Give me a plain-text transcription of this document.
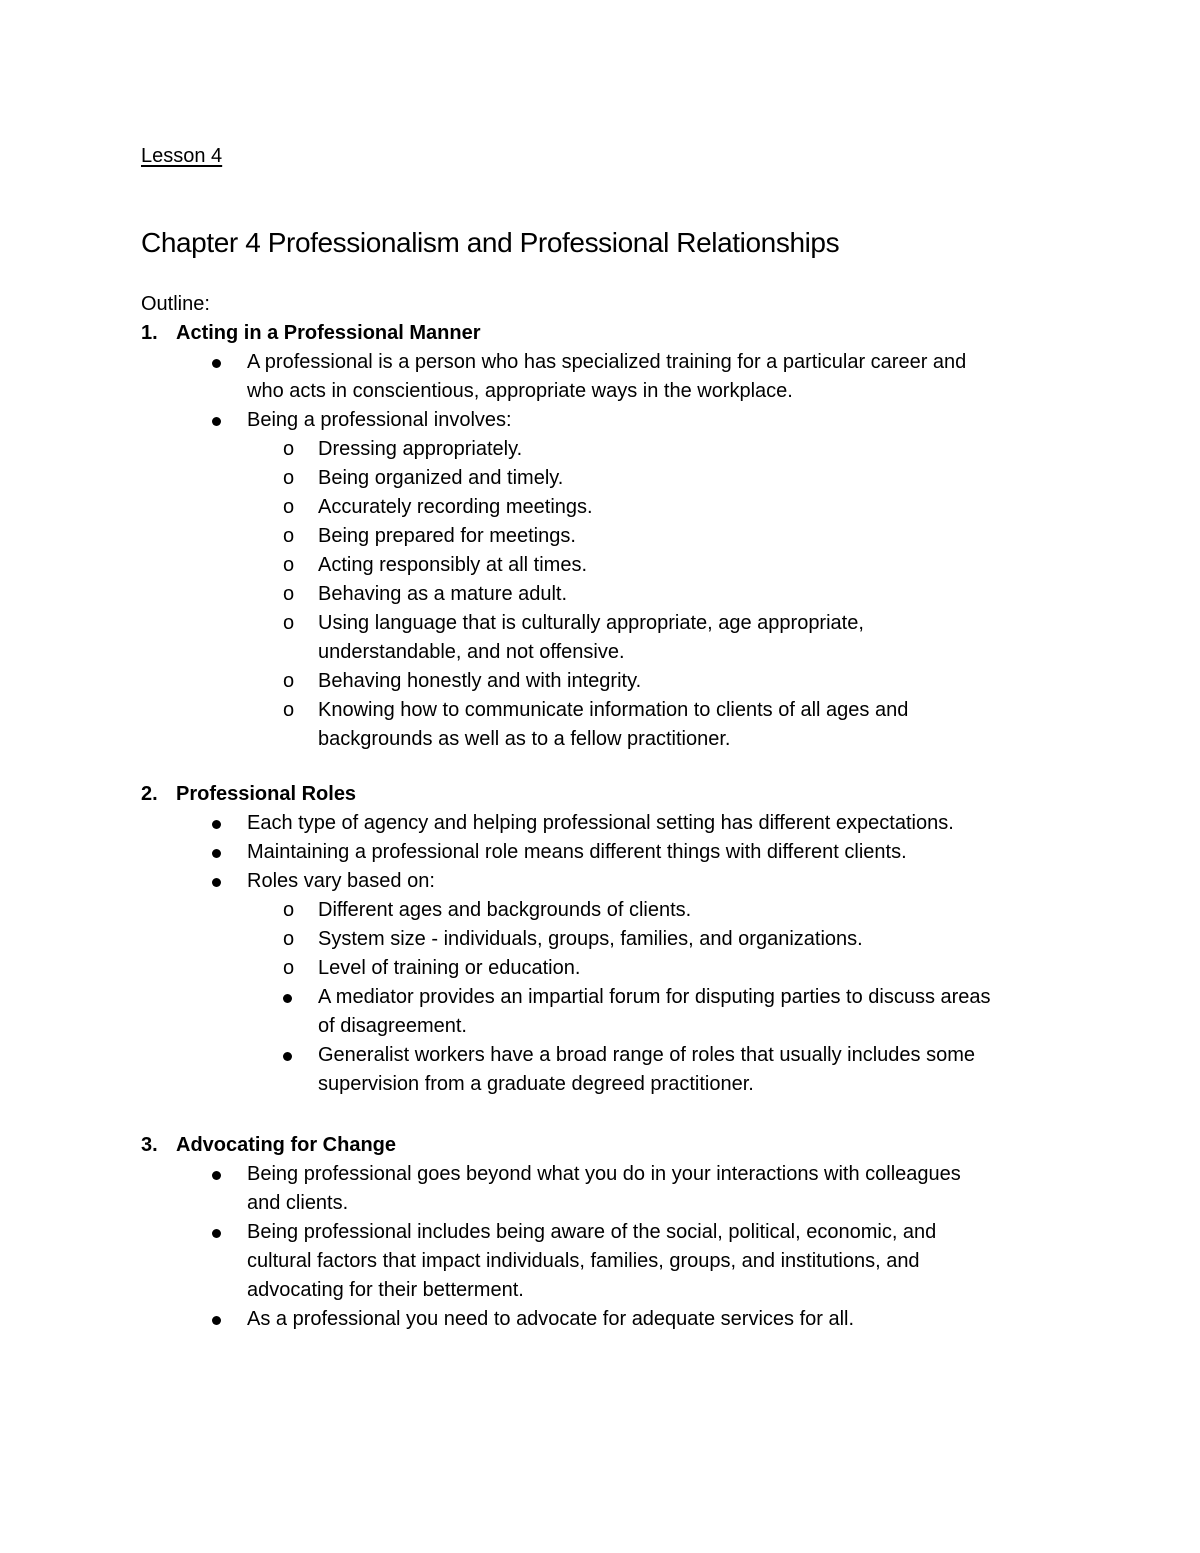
Lesson 4
Chapter 4 Professionalism and Professional Relationships
Outline:
1. Acting in a Professional Manner
A professional is a person who has specialized training for a particular career and
who acts in conscientious, appropriate ways in the workplace.
Being a professional involves:
o Dressing appropriately.
o Being organized and timely.
o Accurately recording meetings.
o Being prepared for meetings.
o Acting responsibly at all times.
o Behaving as a mature adult.
o Using language that is culturally appropriate, age appropriate,
understandable, and not offensive.
o Behaving honestly and with integrity.
o Knowing how to communicate information to clients of all ages and
backgrounds as well as to a fellow practitioner.
2. Professional Roles
Each type of agency and helping professional setting has different expectations.
Maintaining a professional role means different things with different clients.
Roles vary based on:
o Different ages and backgrounds of clients.
o System size - individuals, groups, families, and organizations.
o Level of training or education.
A mediator provides an impartial forum for disputing parties to discuss areas
of disagreement.
Generalist workers have a broad range of roles that usually includes some
supervision from a graduate degreed practitioner.
3. Advocating for Change
Being professional goes beyond what you do in your interactions with colleagues
and clients.
Being professional includes being aware of the social, political, economic, and
cultural factors that impact individuals, families, groups, and institutions, and
advocating for their betterment.
As a professional you need to advocate for adequate services for all.
